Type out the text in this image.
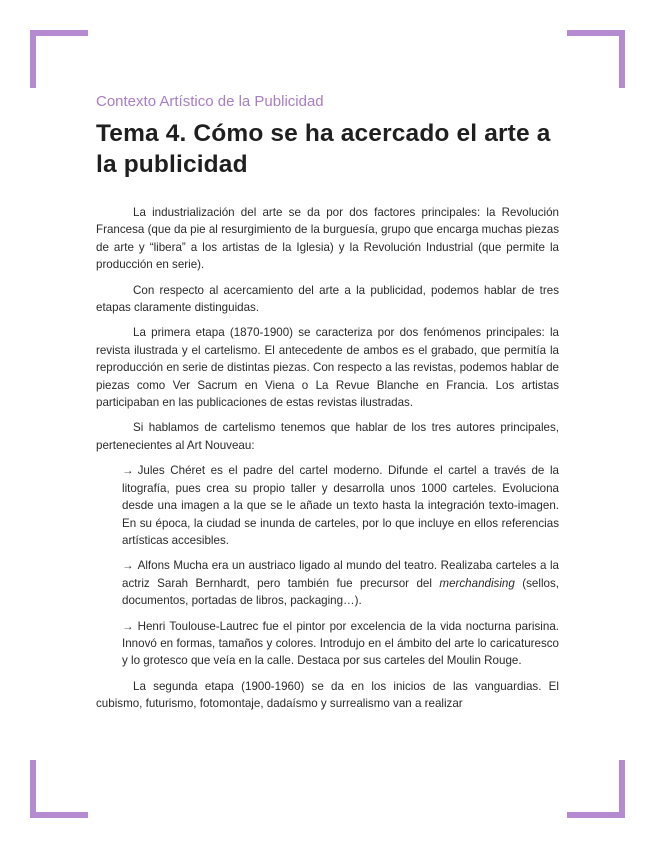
Contexto Artístico de la Publicidad

Tema 4. Cómo se ha acercado el arte a la publicidad

La industrialización del arte se da por dos factores principales: la Revolución Francesa (que da pie al resurgimiento de la burguesía, grupo que encarga muchas piezas de arte y “libera” a los artistas de la Iglesia) y la Revolución Industrial (que permite la producción en serie).

Con respecto al acercamiento del arte a la publicidad, podemos hablar de tres etapas claramente distinguidas.

La primera etapa (1870-1900) se caracteriza por dos fenómenos principales: la revista ilustrada y el cartelismo. El antecedente de ambos es el grabado, que permitía la reproducción en serie de distintas piezas. Con respecto a las revistas, podemos hablar de piezas como Ver Sacrum en Viena o La Revue Blanche en Francia. Los artistas participaban en las publicaciones de estas revistas ilustradas.

Si hablamos de cartelismo tenemos que hablar de los tres autores principales, pertenecientes al Art Nouveau:

→ Jules Chéret es el padre del cartel moderno. Difunde el cartel a través de la litografía, pues crea su propio taller y desarrolla unos 1000 carteles. Evoluciona desde una imagen a la que se le añade un texto hasta la integración texto-imagen. En su época, la ciudad se inunda de carteles, por lo que incluye en ellos referencias artísticas accesibles.

→ Alfons Mucha era un austriaco ligado al mundo del teatro. Realizaba carteles a la actriz Sarah Bernhardt, pero también fue precursor del merchandising (sellos, documentos, portadas de libros, packaging…).

→ Henri Toulouse-Lautrec fue el pintor por excelencia de la vida nocturna parisina. Innovó en formas, tamaños y colores. Introdujo en el ámbito del arte lo caricaturesco y lo grotesco que veía en la calle. Destaca por sus carteles del Moulin Rouge.

La segunda etapa (1900-1960) se da en los inicios de las vanguardias. El cubismo, futurismo, fotomontaje, dadaísmo y surrealismo van a realizar
